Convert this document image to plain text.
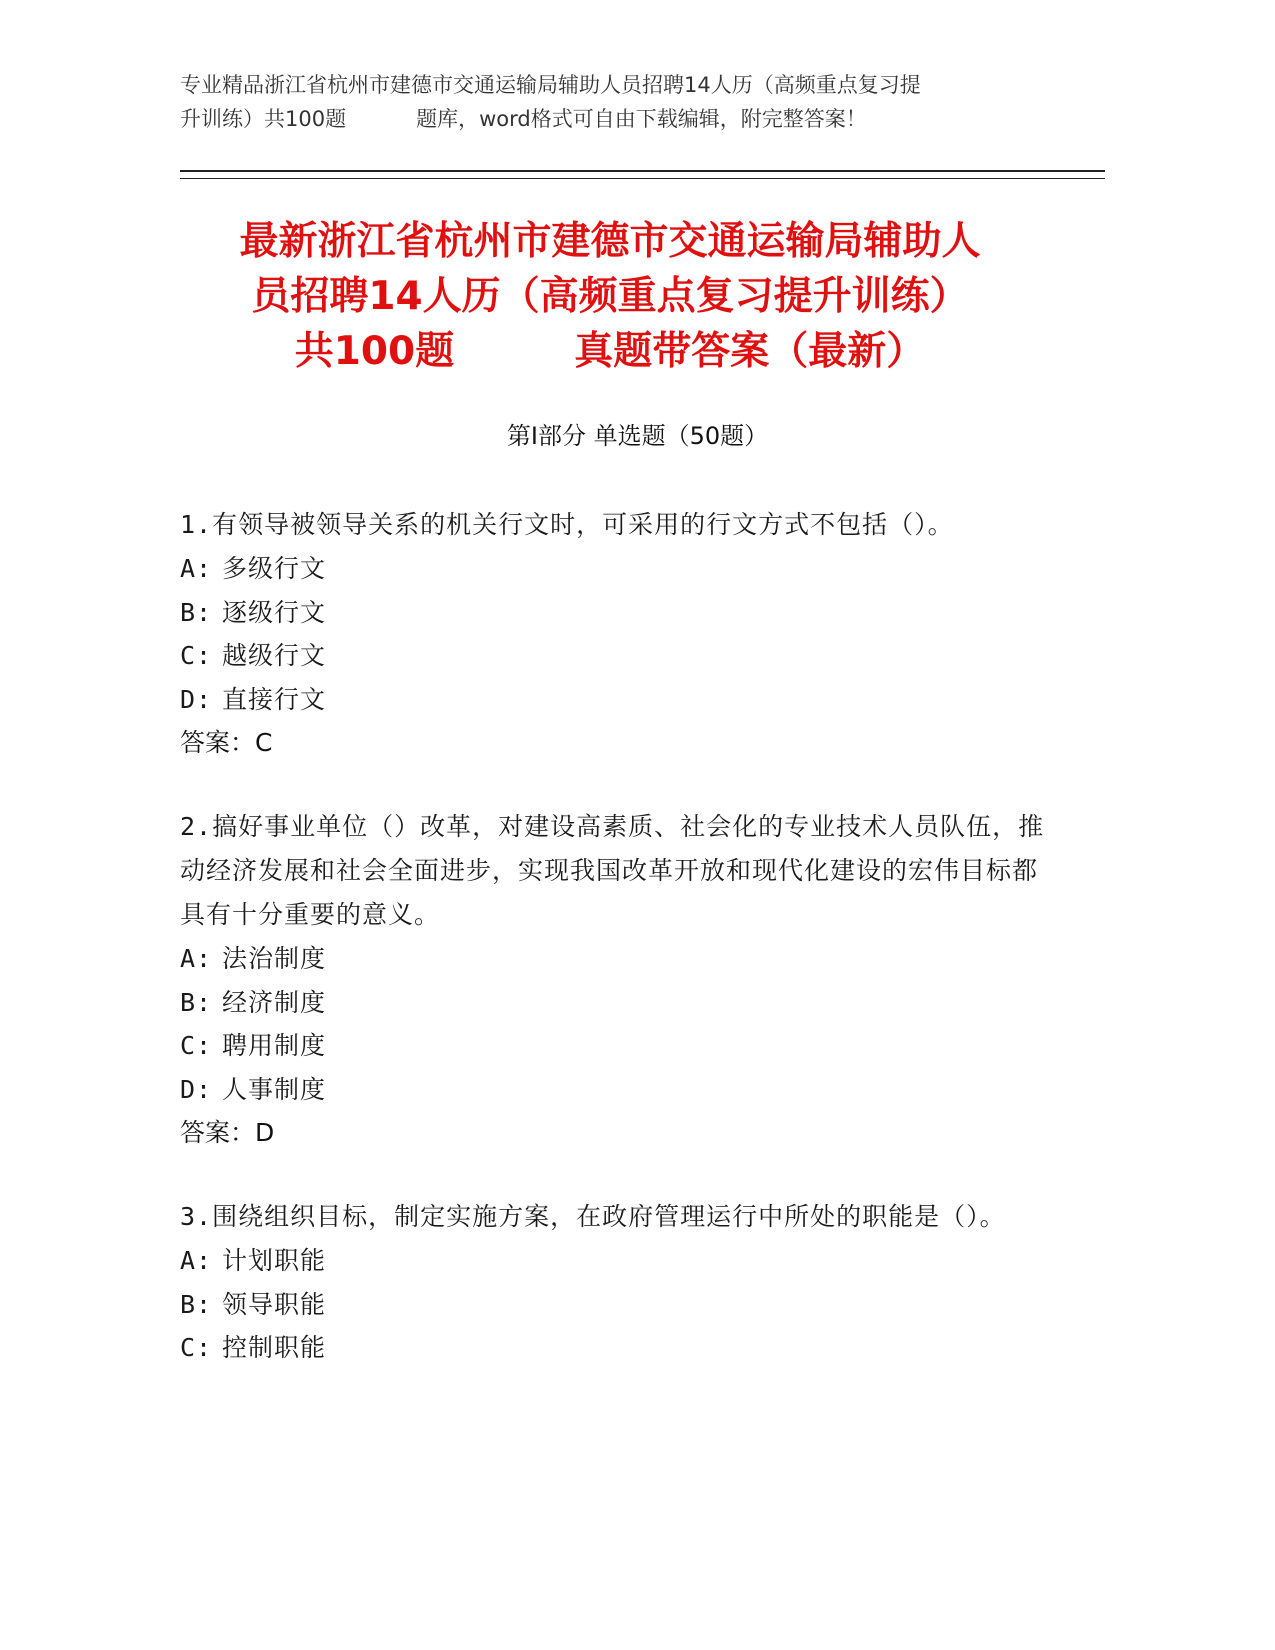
专业精品浙江省杭州市建德市交通运输局辅助人员招聘14人历（高频重点复习提
升训练）共100题	题库，word格式可自由下载编辑，附完整答案！
最新浙江省杭州市建德市交通运输局辅助人
员招聘14人历（高频重点复习提升训练）
共100题	真题带答案（最新）
第Ⅰ部分 单选题（50题）
1.有领导被领导关系的机关行文时，可采用的行文方式不包括（）。
A: 多级行文
B: 逐级行文
C: 越级行文
D: 直接行文
答案：C
2.搞好事业单位（）改革，对建设高素质、社会化的专业技术人员队伍，推动经济发展和社会全面进步，实现我国改革开放和现代化建设的宏伟目标都具有十分重要的意义。
A: 法治制度
B: 经济制度
C: 聘用制度
D: 人事制度
答案：D
3.围绕组织目标，制定实施方案，在政府管理运行中所处的职能是（）。
A: 计划职能
B: 领导职能
C: 控制职能
